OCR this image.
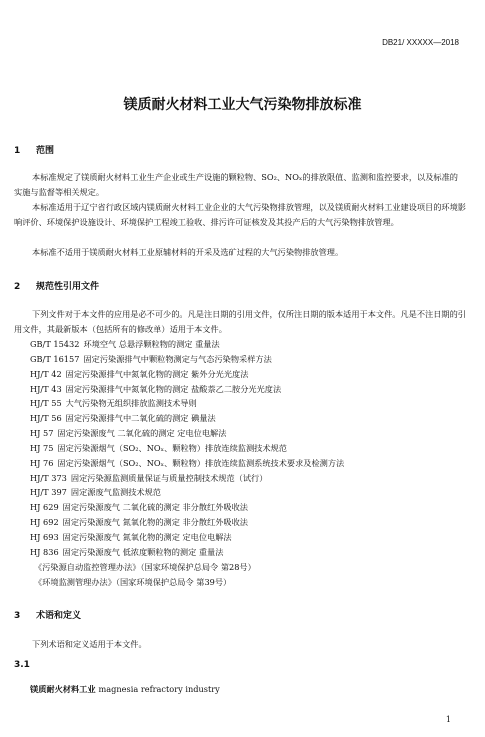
DB21/ XXXXX—2018
镁质耐火材料工业大气污染物排放标准
1 范围
本标准规定了镁质耐火材料工业生产企业或生产设施的颗粒物、SO₂、NOₓ的排放限值、监测和监控要求，以及标准的实施与监督等相关规定。
本标准适用于辽宁省行政区域内镁质耐火材料工业企业的大气污染物排放管理，以及镁质耐火材料工业建设项目的环境影响评价、环境保护设施设计、环境保护工程竣工验收、排污许可证核发及其投产后的大气污染物排放管理。
本标准不适用于镁质耐火材料工业原辅材料的开采及选矿过程的大气污染物排放管理。
2 规范性引用文件
下列文件对于本文件的应用是必不可少的。凡是注日期的引用文件，仅所注日期的版本适用于本文件。凡是不注日期的引用文件，其最新版本（包括所有的修改单）适用于本文件。
GB/T 15432 环境空气 总悬浮颗粒物的测定 重量法
GB/T 16157 固定污染源排气中颗粒物测定与气态污染物采样方法
HJ/T 42 固定污染源排气中氮氧化物的测定 紫外分光光度法
HJ/T 43 固定污染源排气中氮氧化物的测定 盐酸萘乙二胺分光光度法
HJ/T 55 大气污染物无组织排放监测技术导则
HJ/T 56 固定污染源排气中二氧化硫的测定 碘量法
HJ 57 固定污染源废气 二氧化硫的测定 定电位电解法
HJ 75 固定污染源烟气（SO₂、NOₓ、颗粒物）排放连续监测技术规范
HJ 76 固定污染源烟气（SO₂、NOₓ、颗粒物）排放连续监测系统技术要求及检测方法
HJ/T 373 固定污染源监测质量保证与质量控制技术规范（试行）
HJ/T 397 固定源废气监测技术规范
HJ 629 固定污染源废气 二氧化硫的测定 非分散红外吸收法
HJ 692 固定污染源废气 氮氧化物的测定 非分散红外吸收法
HJ 693 固定污染源废气 氮氧化物的测定 定电位电解法
HJ 836 固定污染源废气 低浓度颗粒物的测定 重量法
《污染源自动监控管理办法》（国家环境保护总局令 第28号）
《环境监测管理办法》（国家环境保护总局令 第39号）
3 术语和定义
下列术语和定义适用于本文件。
3.1
镁质耐火材料工业 magnesia refractory industry
1
